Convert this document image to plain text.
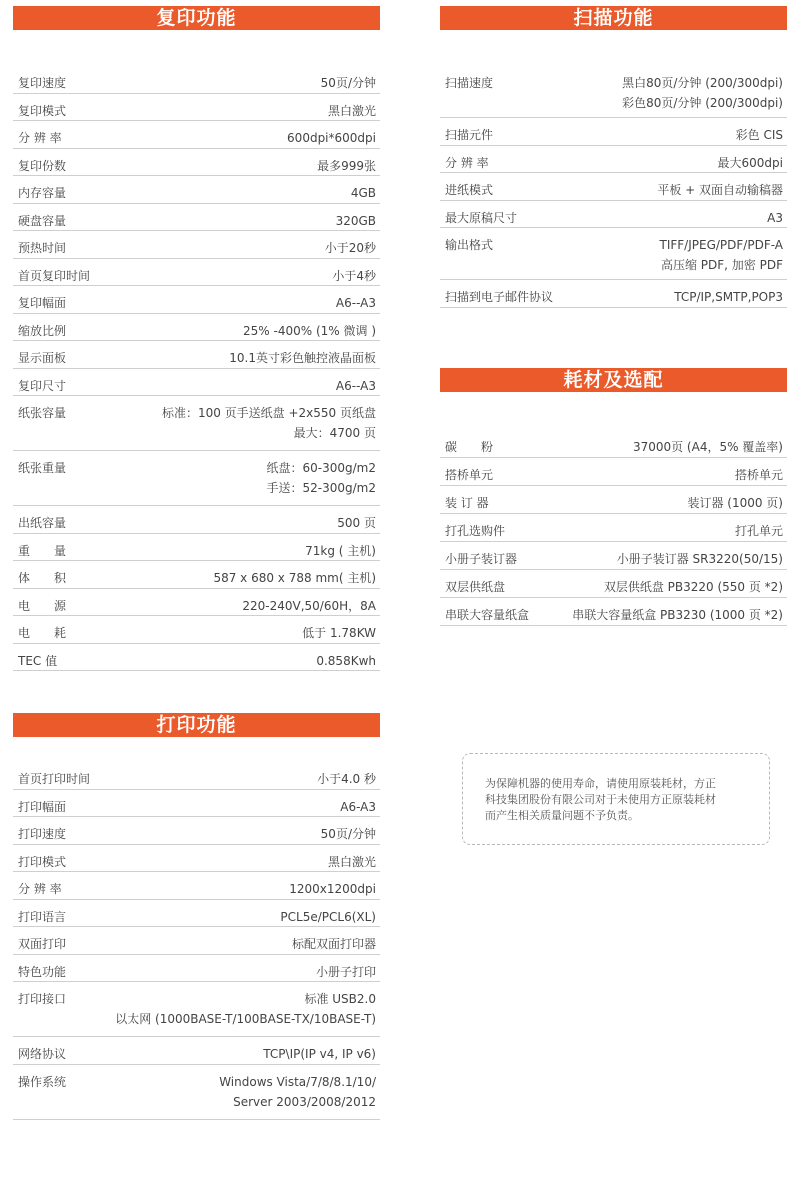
复印功能
复印速度	50页/分钟
复印模式	黑白激光
分 辨 率	600dpi*600dpi
复印份数	最多999张
内存容量	4GB
硬盘容量	320GB
预热时间	小于20秒
首页复印时间	小于4秒
复印幅面	A6--A3
缩放比例	25% -400% (1% 微调 )
显示面板	10.1英寸彩色触控液晶面板
复印尺寸	A6--A3
纸张容量	标准：100 页手送纸盘 +2x550 页纸盘
最大：4700 页
纸张重量	纸盘：60-300g/m2
手送：52-300g/m2
出纸容量	500 页
重　　量	71kg ( 主机)
体　　积	587 x 680 x 788 mm( 主机)
电　　源	220-240V,50/60H，8A
电　　耗	低于 1.78KW
TEC 值	0.858Kwh
扫描功能
扫描速度	黑白80页/分钟 (200/300dpi)
彩色80页/分钟 (200/300dpi)
扫描元件	彩色 CIS
分 辨 率	最大600dpi
进纸模式	平板 + 双面自动输稿器
最大原稿尺寸	A3
输出格式	TIFF/JPEG/PDF/PDF-A
高压缩 PDF, 加密 PDF
扫描到电子邮件协议	TCP/IP,SMTP,POP3
耗材及选配
碳　　粉	37000页 (A4，5% 覆盖率)
搭桥单元	搭桥单元
装 订 器	装订器 (1000 页)
打孔选购件	打孔单元
小册子装订器	小册子装订器 SR3220(50/15)
双层供纸盘	双层供纸盘 PB3220 (550 页 *2)
串联大容量纸盒	串联大容量纸盒 PB3230 (1000 页 *2)
打印功能
首页打印时间	小于4.0 秒
打印幅面	A6-A3
打印速度	50页/分钟
打印模式	黑白激光
分 辨 率	1200x1200dpi
打印语言	PCL5e/PCL6(XL)
双面打印	标配双面打印器
特色功能	小册子打印
打印接口	标准 USB2.0
以太网 (1000BASE-T/100BASE-TX/10BASE-T)
网络协议	TCP\IP(IP v4, IP v6)
操作系统	Windows Vista/7/8/8.1/10/
Server 2003/2008/2012
为保障机器的使用寿命，请使用原装耗材，方正
科技集团股份有限公司对于未使用方正原装耗材
而产生相关质量问题不予负责。
